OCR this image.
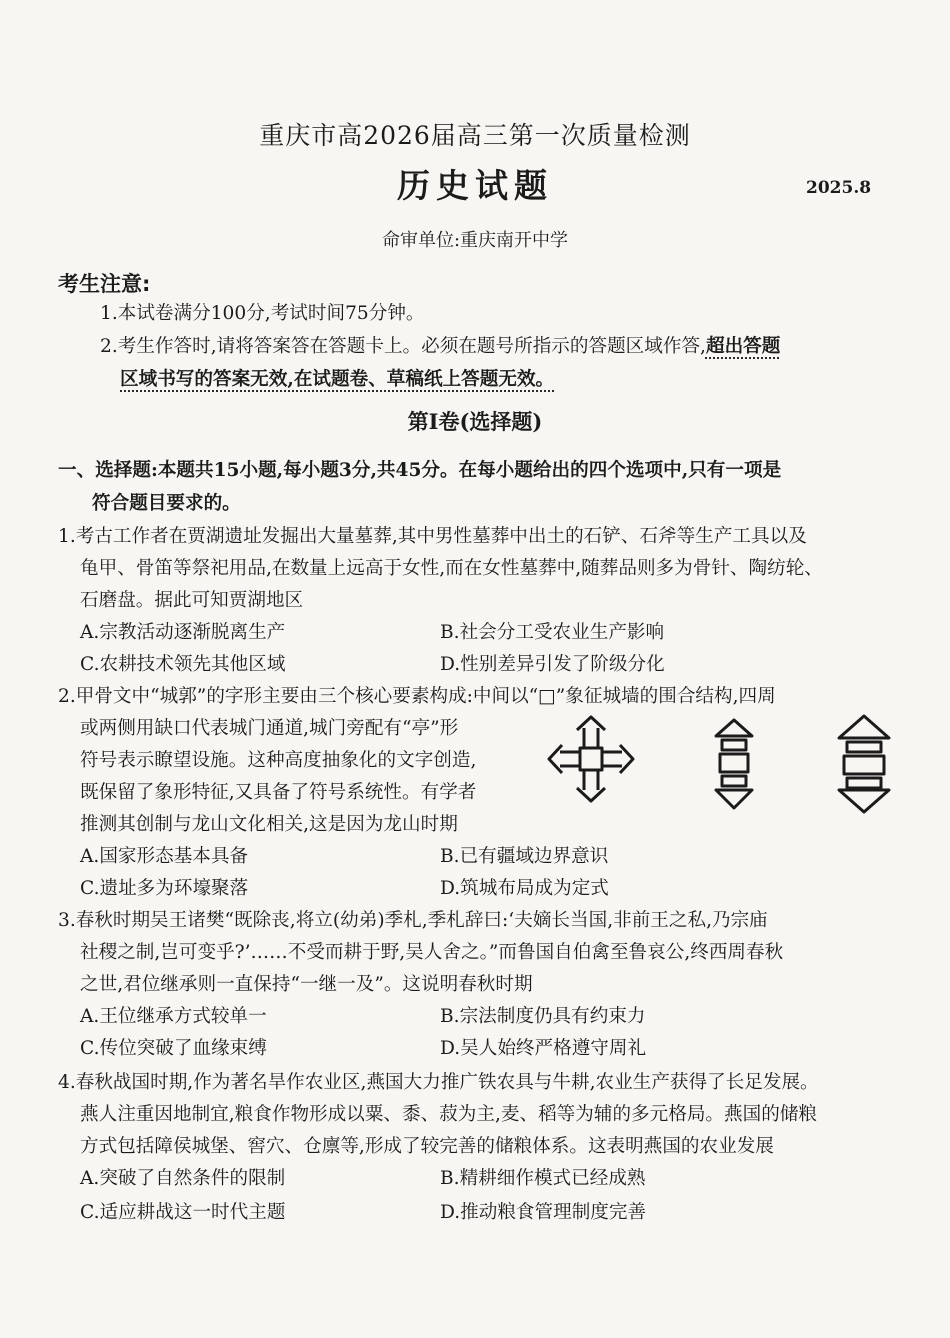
重庆市高2026届高三第一次质量检测
历史试题	2025.8
命审单位:重庆南开中学
考生注意:
1.本试卷满分100分,考试时间75分钟。
2.考生作答时,请将答案答在答题卡上。必须在题号所指示的答题区域作答,超出答题
区域书写的答案无效,在试题卷、草稿纸上答题无效。
第Ⅰ卷(选择题)
一、选择题:本题共15小题,每小题3分,共45分。在每小题给出的四个选项中,只有一项是
符合题目要求的。
1.考古工作者在贾湖遗址发掘出大量墓葬,其中男性墓葬中出土的石铲、石斧等生产工具以及
龟甲、骨笛等祭祀用品,在数量上远高于女性,而在女性墓葬中,随葬品则多为骨针、陶纺轮、
石磨盘。据此可知贾湖地区
A.宗教活动逐渐脱离生产	B.社会分工受农业生产影响
C.农耕技术领先其他区域	D.性别差异引发了阶级分化
2.甲骨文中“城郭”的字形主要由三个核心要素构成:中间以“□”象征城墙的围合结构,四周
或两侧用缺口代表城门通道,城门旁配有“亭”形
符号表示瞭望设施。这种高度抽象化的文字创造,
既保留了象形特征,又具备了符号系统性。有学者
推测其创制与龙山文化相关,这是因为龙山时期
A.国家形态基本具备	B.已有疆域边界意识
C.遗址多为环壕聚落	D.筑城布局成为定式
3.春秋时期吴王诸樊“既除丧,将立(幼弟)季札,季札辞曰:‘夫嫡长当国,非前王之私,乃宗庙
社稷之制,岂可变乎?’……不受而耕于野,吴人舍之。”而鲁国自伯禽至鲁哀公,终西周春秋
之世,君位继承则一直保持“一继一及”。这说明春秋时期
A.王位继承方式较单一	B.宗法制度仍具有约束力
C.传位突破了血缘束缚	D.吴人始终严格遵守周礼
4.春秋战国时期,作为著名旱作农业区,燕国大力推广铁农具与牛耕,农业生产获得了长足发展。
燕人注重因地制宜,粮食作物形成以粟、黍、菽为主,麦、稻等为辅的多元格局。燕国的储粮
方式包括障侯城堡、窖穴、仓廪等,形成了较完善的储粮体系。这表明燕国的农业发展
A.突破了自然条件的限制	B.精耕细作模式已经成熟
C.适应耕战这一时代主题	D.推动粮食管理制度完善
